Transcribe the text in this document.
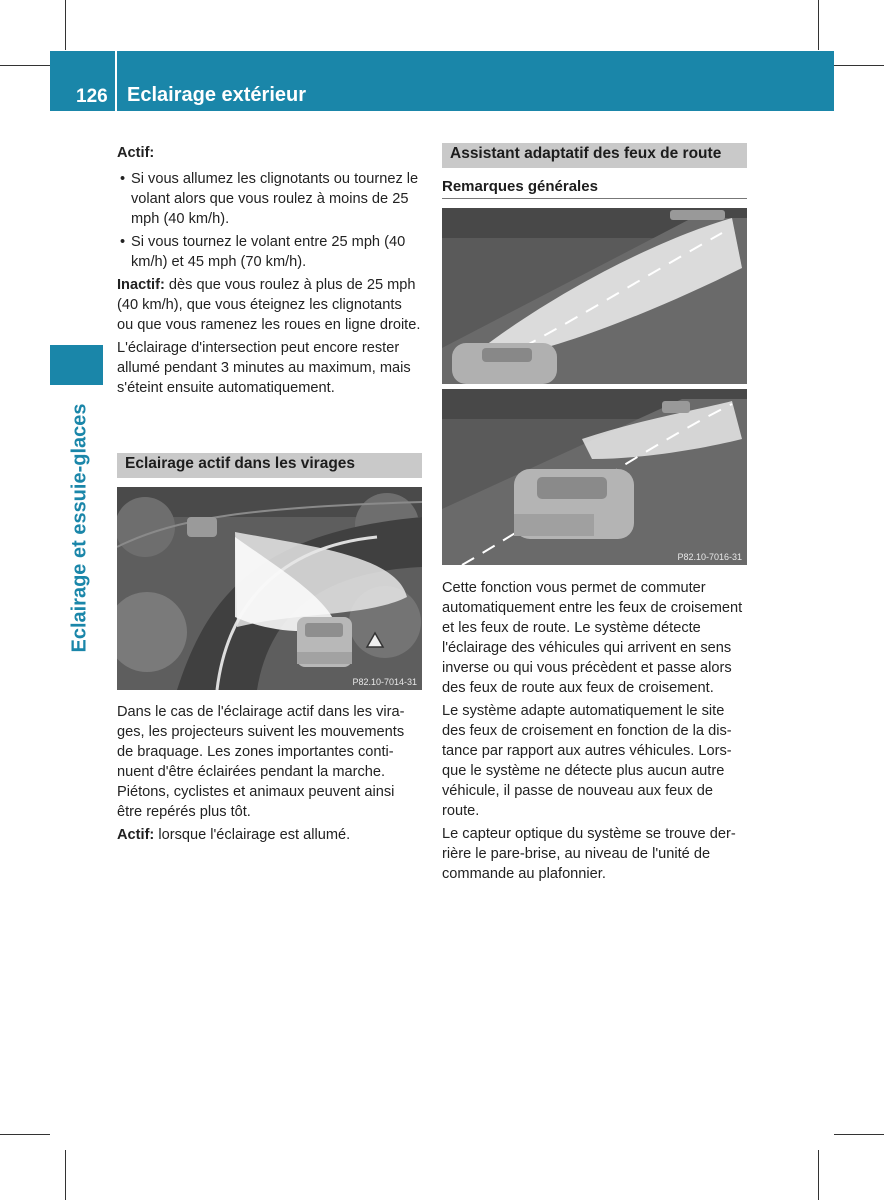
126 Eclairage extérieur
Eclairage et essuie-glaces
Actif:
• Si vous allumez les clignotants ou tournez le volant alors que vous roulez à moins de 25 mph (40 km/h).
• Si vous tournez le volant entre 25 mph (40 km/h) et 45 mph (70 km/h).
Inactif: dès que vous roulez à plus de 25 mph (40 km/h), que vous éteignez les clignotants ou que vous ramenez les roues en ligne droite.
L'éclairage d'intersection peut encore rester allumé pendant 3 minutes au maximum, mais s'éteint ensuite automatiquement.
Eclairage actif dans les virages
P82.10-7014-31
Dans le cas de l'éclairage actif dans les virages, les projecteurs suivent les mouvements de braquage. Les zones importantes continuent d'être éclairées pendant la marche. Piétons, cyclistes et animaux peuvent ainsi être repérés plus tôt.
Actif: lorsque l'éclairage est allumé.
Assistant adaptatif des feux de route
Remarques générales
P82.10-7016-31
Cette fonction vous permet de commuter automatiquement entre les feux de croisement et les feux de route. Le système détecte l'éclairage des véhicules qui arrivent en sens inverse ou qui vous précèdent et passe alors des feux de route aux feux de croisement.
Le système adapte automatiquement le site des feux de croisement en fonction de la distance par rapport aux autres véhicules. Lorsque le système ne détecte plus aucun autre véhicule, il passe de nouveau aux feux de route.
Le capteur optique du système se trouve derrière le pare-brise, au niveau de l'unité de commande au plafonnier.
